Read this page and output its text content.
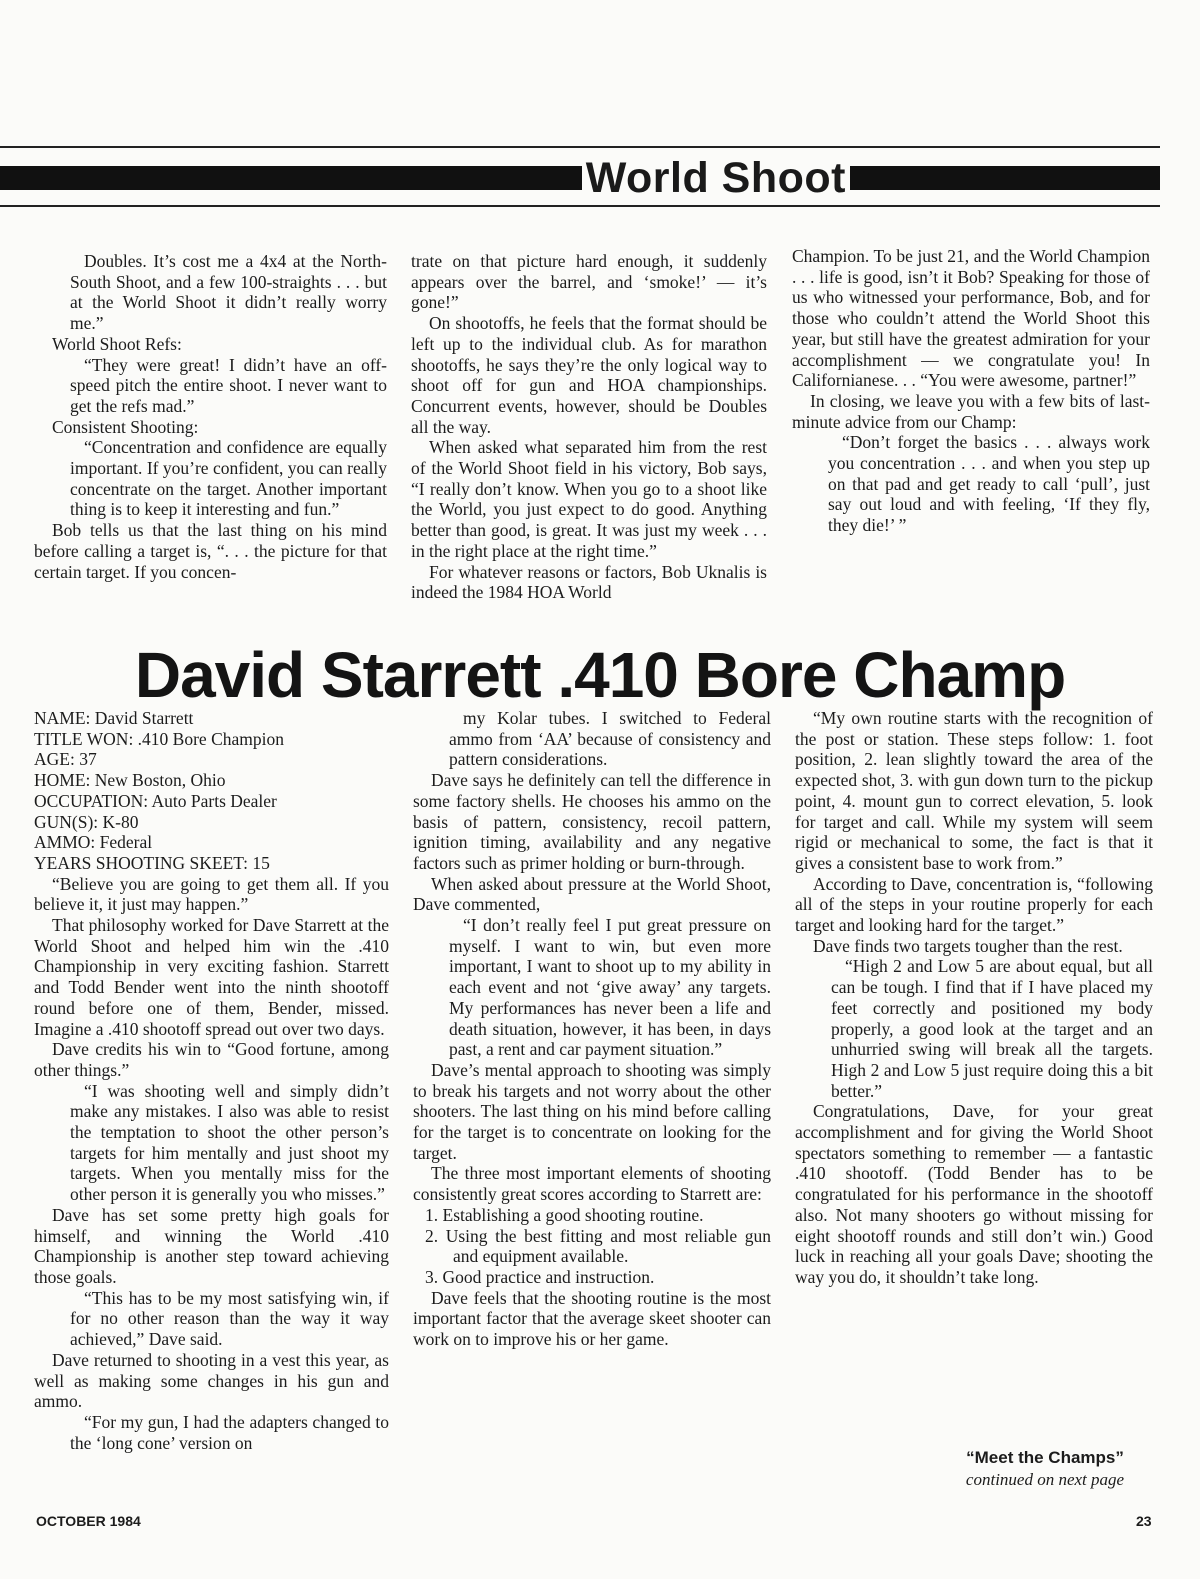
World Shoot

Doubles. It’s cost me a 4x4 at the North-South Shoot, and a few 100-straights . . . but at the World Shoot it didn’t really worry me.”

World Shoot Refs:

“They were great! I didn’t have an off-speed pitch the entire shoot. I never want to get the refs mad.”

Consistent Shooting:

“Concentration and confidence are equally important. If you’re confident, you can really concentrate on the target. Another important thing is to keep it interesting and fun.”

Bob tells us that the last thing on his mind before calling a target is, “. . . the picture for that certain target. If you concen-

trate on that picture hard enough, it suddenly appears over the barrel, and ‘smoke!’ — it’s gone!”

On shootoffs, he feels that the format should be left up to the individual club. As for marathon shootoffs, he says they’re the only logical way to shoot off for gun and HOA championships. Concurrent events, however, should be Doubles all the way.

When asked what separated him from the rest of the World Shoot field in his victory, Bob says, “I really don’t know. When you go to a shoot like the World, you just expect to do good. Anything better than good, is great. It was just my week . . . in the right place at the right time.”

For whatever reasons or factors, Bob Uknalis is indeed the 1984 HOA World

Champion. To be just 21, and the World Champion . . . life is good, isn’t it Bob? Speaking for those of us who witnessed your performance, Bob, and for those who couldn’t attend the World Shoot this year, but still have the greatest admiration for your accomplishment — we congratulate you! In Californianese. . . “You were awesome, partner!”

In closing, we leave you with a few bits of last-minute advice from our Champ:

“Don’t forget the basics . . . always work you concentration . . . and when you step up on that pad and get ready to call ‘pull’, just say out loud and with feeling, ‘If they fly, they die!’ ”

David Starrett .410 Bore Champ

NAME: David Starrett

TITLE WON: .410 Bore Champion

AGE: 37

HOME: New Boston, Ohio

OCCUPATION: Auto Parts Dealer

GUN(S): K-80

AMMO: Federal

YEARS SHOOTING SKEET: 15

“Believe you are going to get them all. If you believe it, it just may happen.”

That philosophy worked for Dave Starrett at the World Shoot and helped him win the .410 Championship in very exciting fashion. Starrett and Todd Bender went into the ninth shootoff round before one of them, Bender, missed. Imagine a .410 shootoff spread out over two days.

Dave credits his win to “Good fortune, among other things.”

“I was shooting well and simply didn’t make any mistakes. I also was able to resist the temptation to shoot the other person’s targets for him mentally and just shoot my targets. When you mentally miss for the other person it is generally you who misses.”

Dave has set some pretty high goals for himself, and winning the World .410 Championship is another step toward achieving those goals.

“This has to be my most satisfying win, if for no other reason than the way it way achieved,” Dave said.

Dave returned to shooting in a vest this year, as well as making some changes in his gun and ammo.

“For my gun, I had the adapters changed to the ‘long cone’ version on

my Kolar tubes. I switched to Federal ammo from ‘AA’ because of consistency and pattern considerations.

Dave says he definitely can tell the difference in some factory shells. He chooses his ammo on the basis of pattern, consistency, recoil pattern, ignition timing, availability and any negative factors such as primer holding or burn-through.

When asked about pressure at the World Shoot, Dave commented,

“I don’t really feel I put great pressure on myself. I want to win, but even more important, I want to shoot up to my ability in each event and not ‘give away’ any targets. My performances has never been a life and death situation, however, it has been, in days past, a rent and car payment situation.”

Dave’s mental approach to shooting was simply to break his targets and not worry about the other shooters. The last thing on his mind before calling for the target is to concentrate on looking for the target.

The three most important elements of shooting consistently great scores according to Starrett are:

1. Establishing a good shooting routine.

2. Using the best fitting and most reliable gun and equipment available.

3. Good practice and instruction.

Dave feels that the shooting routine is the most important factor that the average skeet shooter can work on to improve his or her game.

“My own routine starts with the recognition of the post or station. These steps follow: 1. foot position, 2. lean slightly toward the area of the expected shot, 3. with gun down turn to the pickup point, 4. mount gun to correct elevation, 5. look for target and call. While my system will seem rigid or mechanical to some, the fact is that it gives a consistent base to work from.”

According to Dave, concentration is, “following all of the steps in your routine properly for each target and looking hard for the target.”

Dave finds two targets tougher than the rest.

“High 2 and Low 5 are about equal, but all can be tough. I find that if I have placed my feet correctly and positioned my body properly, a good look at the target and an unhurried swing will break all the targets. High 2 and Low 5 just require doing this a bit better.”

Congratulations, Dave, for your great accomplishment and for giving the World Shoot spectators something to remember — a fantastic .410 shootoff. (Todd Bender has to be congratulated for his performance in the shootoff also. Not many shooters go without missing for eight shootoff rounds and still don’t win.) Good luck in reaching all your goals Dave; shooting the way you do, it shouldn’t take long.

“Meet the Champs”
continued on next page
OCTOBER 1984	23
